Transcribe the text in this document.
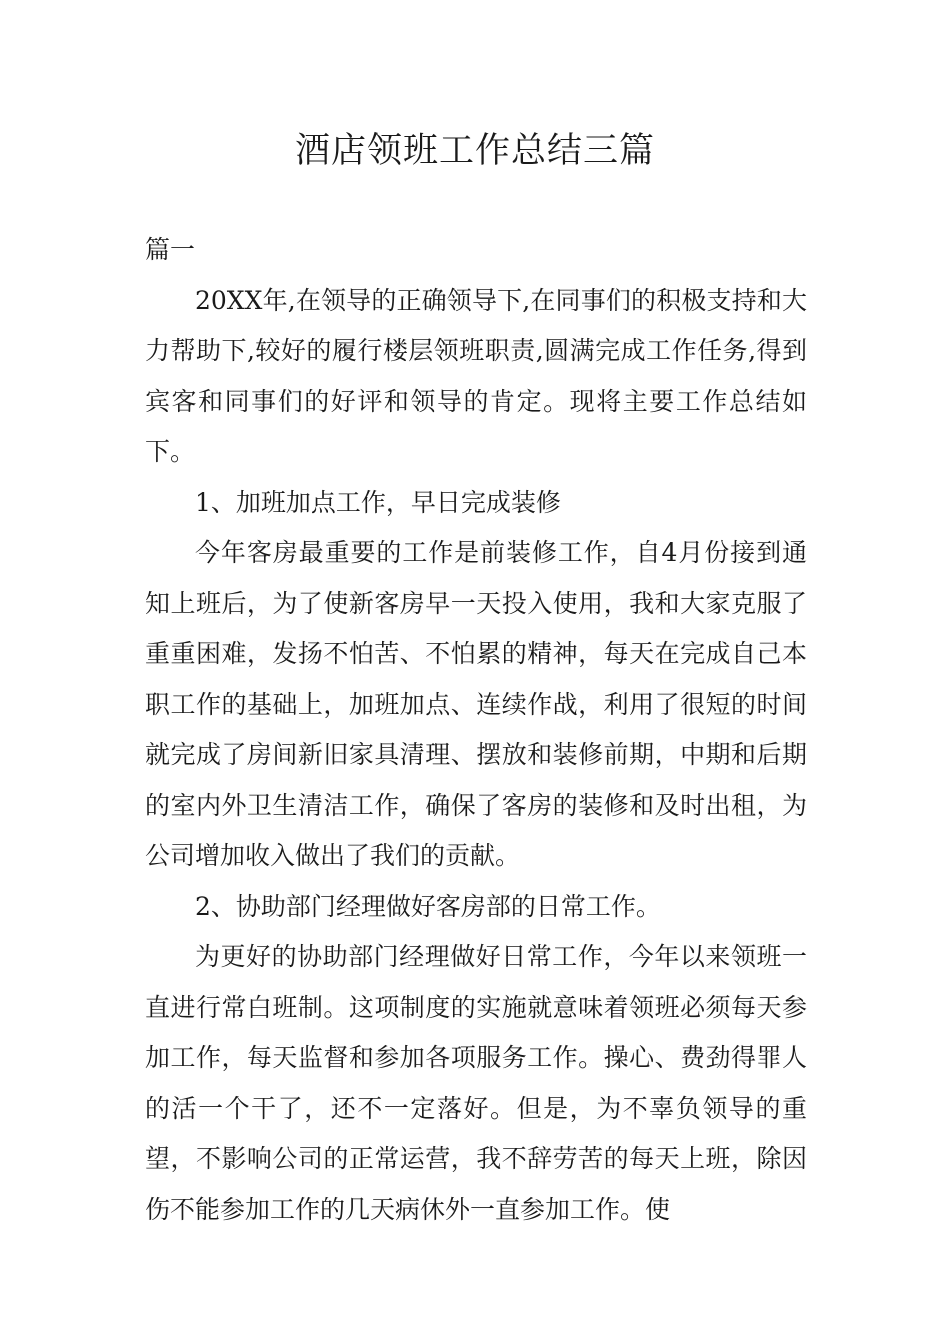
酒店领班工作总结三篇

篇一

20XX年,在领导的正确领导下,在同事们的积极支持和大力帮助下,较好的履行楼层领班职责,圆满完成工作任务,得到宾客和同事们的好评和领导的肯定。现将主要工作总结如下。

1、加班加点工作，早日完成装修

今年客房最重要的工作是前装修工作，自4月份接到通知上班后，为了使新客房早一天投入使用，我和大家克服了重重困难，发扬不怕苦、不怕累的精神，每天在完成自己本职工作的基础上，加班加点、连续作战，利用了很短的时间就完成了房间新旧家具清理、摆放和装修前期，中期和后期的室内外卫生清洁工作，确保了客房的装修和及时出租，为公司增加收入做出了我们的贡献。

2、协助部门经理做好客房部的日常工作。

为更好的协助部门经理做好日常工作，今年以来领班一直进行常白班制。这项制度的实施就意味着领班必须每天参加工作，每天监督和参加各项服务工作。操心、费劲得罪人的活一个干了，还不一定落好。但是，为不辜负领导的重望，不影响公司的正常运营，我不辞劳苦的每天上班，除因伤不能参加工作的几天病休外一直参加工作。使
